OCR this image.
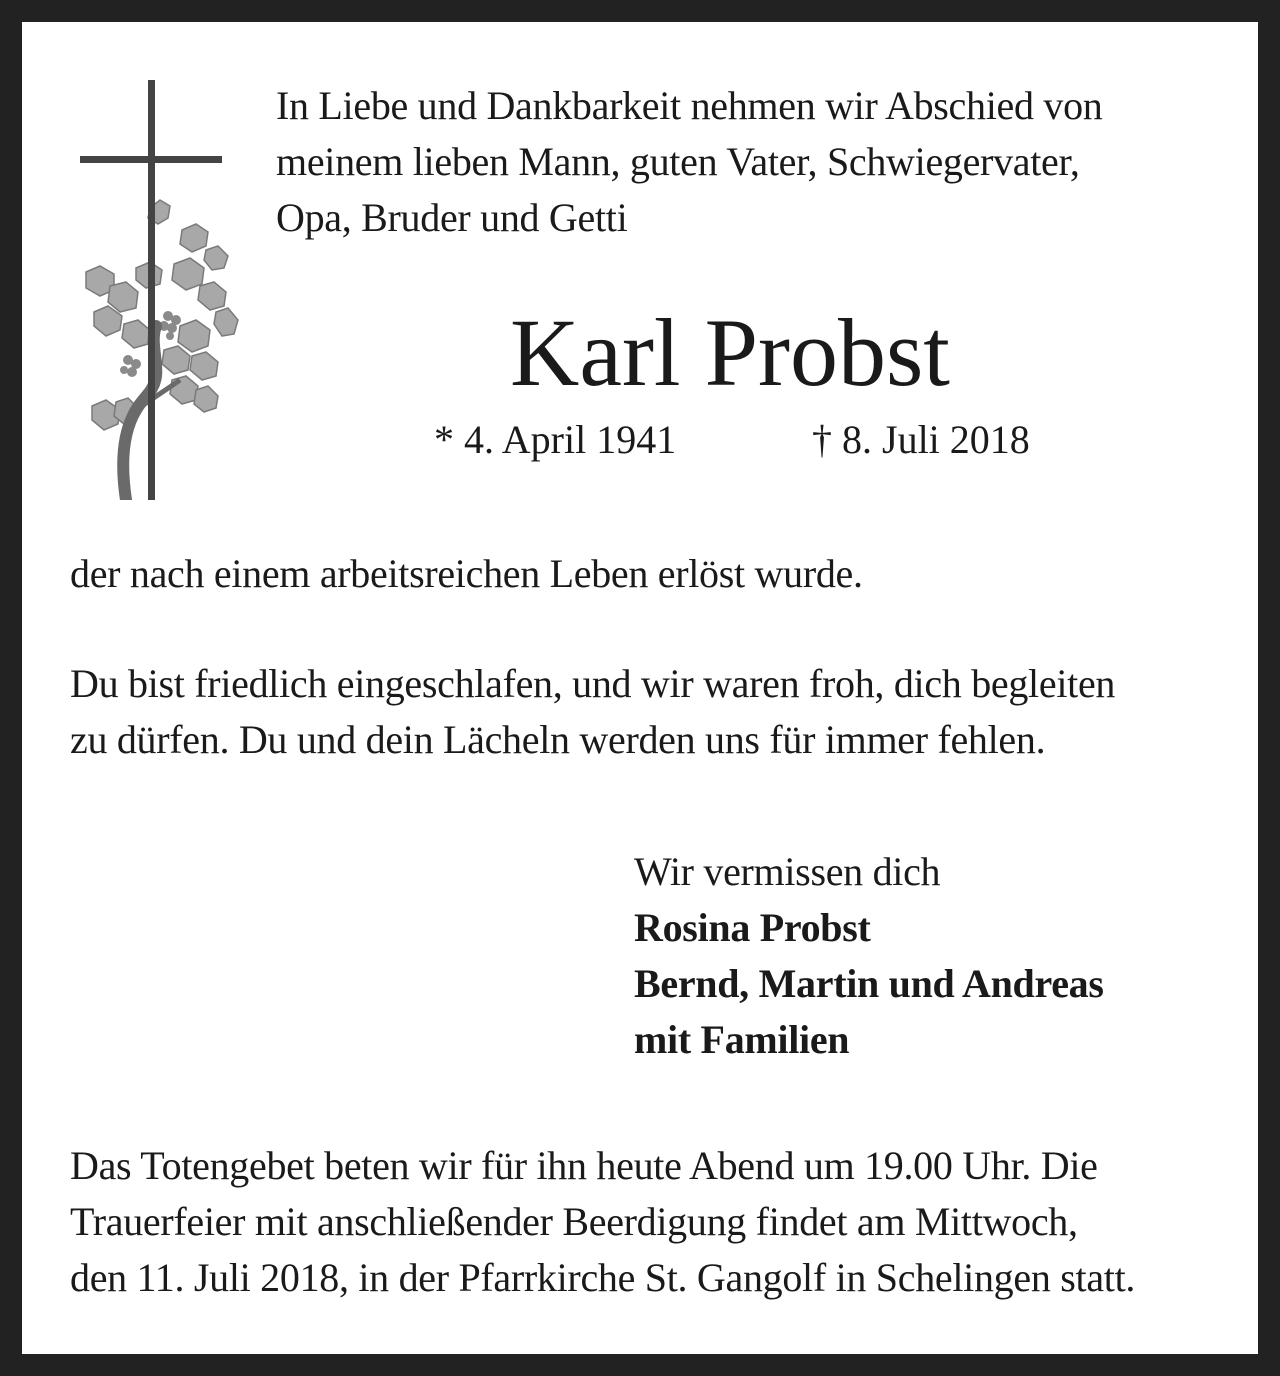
In Liebe und Dankbarkeit nehmen wir Abschied von
meinem lieben Mann, guten Vater, Schwiegervater,
Opa, Bruder und Getti

Karl Probst

* 4. April 1941	† 8. Juli 2018

der nach einem arbeitsreichen Leben erlöst wurde.

Du bist friedlich eingeschlafen, und wir waren froh, dich begleiten
zu dürfen. Du und dein Lächeln werden uns für immer fehlen.

Wir vermissen dich
Rosina Probst
Bernd, Martin und Andreas
mit Familien

Das Totengebet beten wir für ihn heute Abend um 19.00 Uhr. Die
Trauerfeier mit anschließender Beerdigung findet am Mittwoch,
den 11. Juli 2018, in der Pfarrkirche St. Gangolf in Schelingen statt.
